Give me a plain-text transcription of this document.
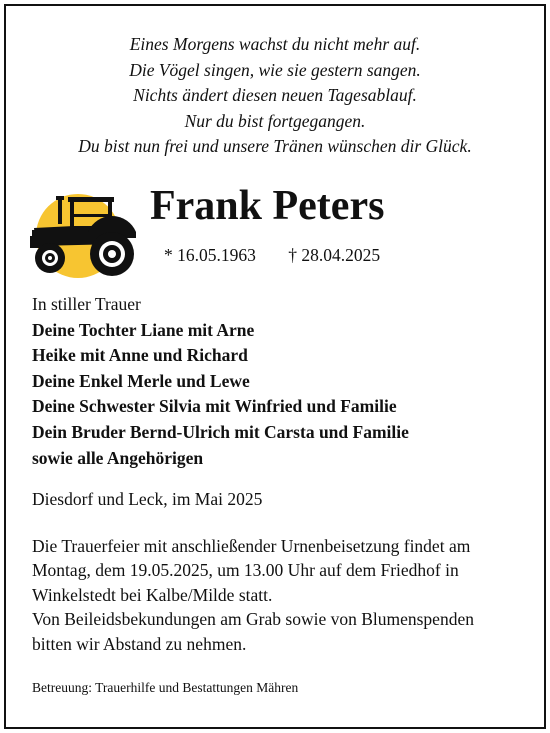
Eines Morgens wachst du nicht mehr auf.
Die Vögel singen, wie sie gestern sangen.
Nichts ändert diesen neuen Tagesablauf.
Nur du bist fortgegangen.
Du bist nun frei und unsere Tränen wünschen dir Glück.
Frank Peters
* 16.05.1963 † 28.04.2025
In stiller Trauer
Deine Tochter Liane mit Arne
Heike mit Anne und Richard
Deine Enkel Merle und Lewe
Deine Schwester Silvia mit Winfried und Familie
Dein Bruder Bernd-Ulrich mit Carsta und Familie
sowie alle Angehörigen
Diesdorf und Leck, im Mai 2025
Die Trauerfeier mit anschließender Urnenbeisetzung findet am
Montag, dem 19.05.2025, um 13.00 Uhr auf dem Friedhof in
Winkelstedt bei Kalbe/Milde statt.
Von Beileidsbekundungen am Grab sowie von Blumenspenden
bitten wir Abstand zu nehmen.
Betreuung: Trauerhilfe und Bestattungen Mähren
